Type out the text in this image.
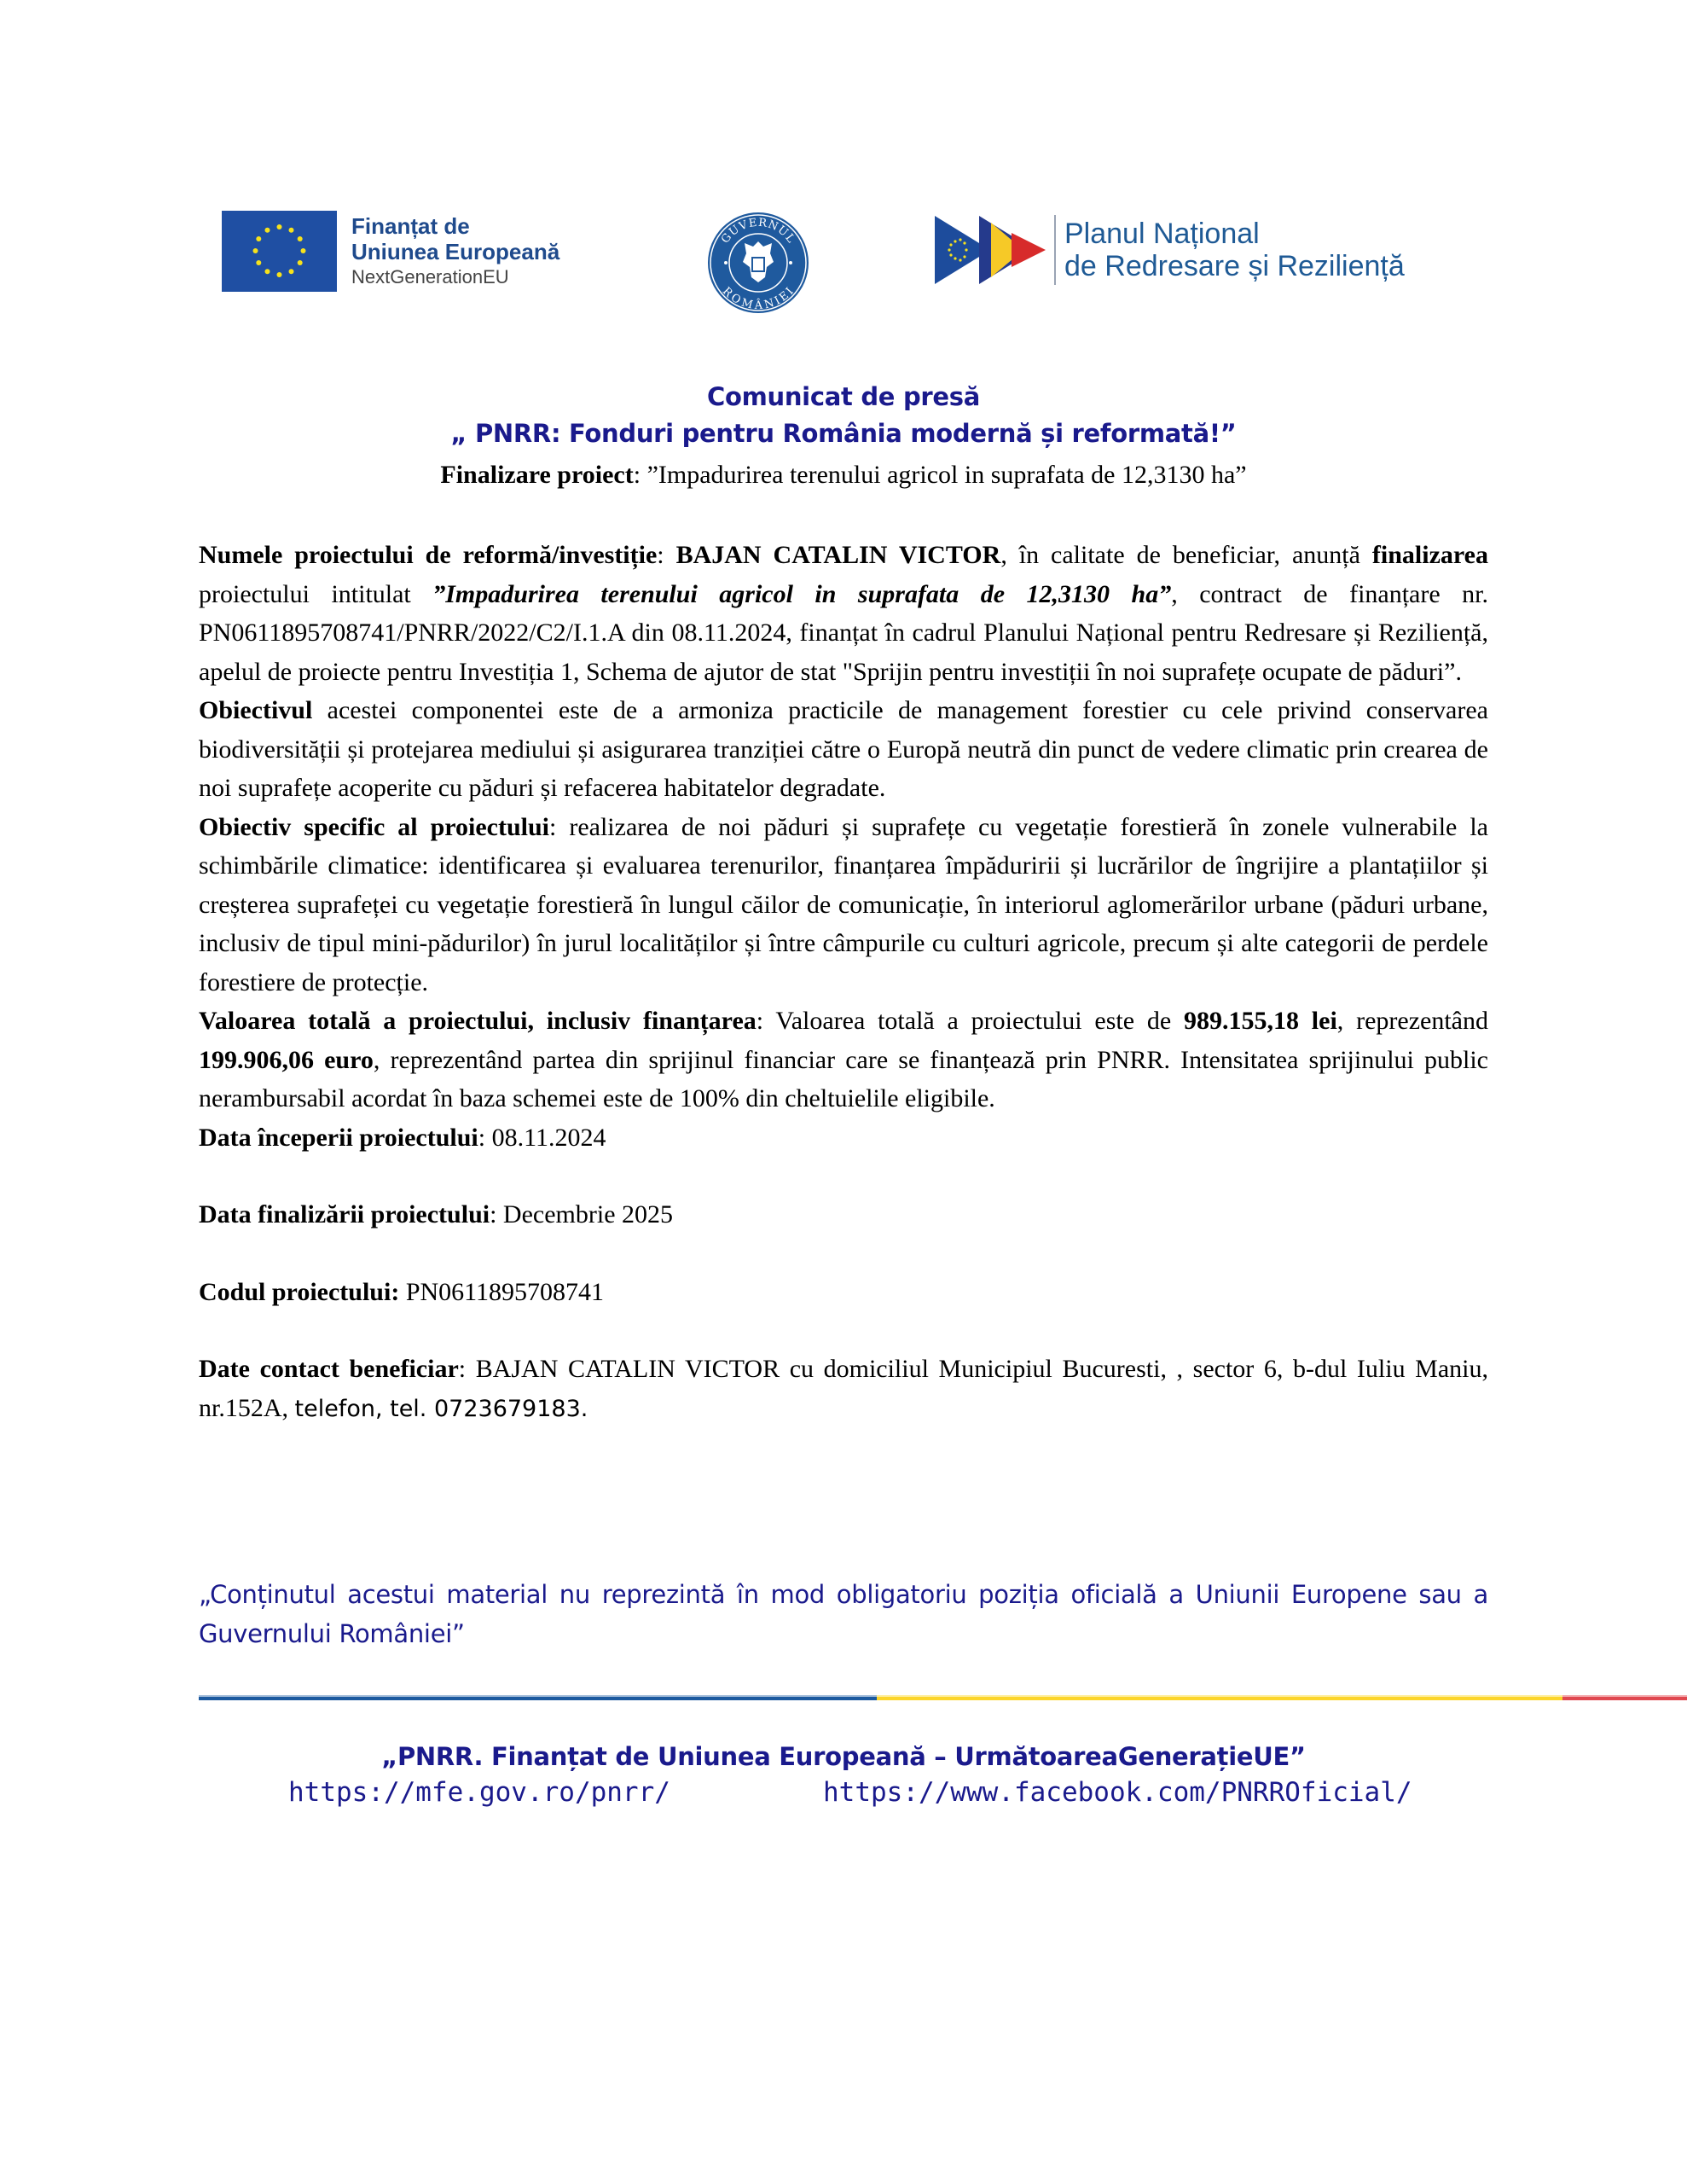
Finanțat de
Uniunea Europeană
NextGenerationEU
GUVERNUL
ROMÂNIEI
Planul Național
de Redresare și Reziliență
Comunicat de presă
„ PNRR: Fonduri pentru România modernă și reformată!”
Finalizare proiect: ”Impadurirea terenului agricol in suprafata de 12,3130 ha”

Numele proiectului de reformă/investiție: BAJAN CATALIN VICTOR, în calitate de beneficiar, anunță finalizarea proiectului intitulat ”Impadurirea terenului agricol in suprafata de 12,3130 ha”, contract de finanțare nr. PN0611895708741/PNRR/2022/C2/I.1.A din 08.11.2024, finanțat în cadrul Planului Național pentru Redresare și Reziliență, apelul de proiecte pentru Investiția 1, Schema de ajutor de stat "Sprijin pentru investiții în noi suprafețe ocupate de păduri”.

Obiectivul acestei componentei este de a armoniza practicile de management forestier cu cele privind conservarea biodiversității și protejarea mediului și asigurarea tranziției către o Europă neutră din punct de vedere climatic prin crearea de noi suprafețe acoperite cu păduri și refacerea habitatelor degradate.

Obiectiv specific al proiectului: realizarea de noi păduri și suprafețe cu vegetație forestieră în zonele vulnerabile la schimbările climatice: identificarea și evaluarea terenurilor, finanțarea împăduririi și lucrărilor de îngrijire a plantațiilor și creșterea suprafeței cu vegetație forestieră în lungul căilor de comunicație, în interiorul aglomerărilor urbane (păduri urbane, inclusiv de tipul mini-pădurilor) în jurul localităților și între câmpurile cu culturi agricole, precum și alte categorii de perdele forestiere de protecție.

Valoarea totală a proiectului, inclusiv finanțarea: Valoarea totală a proiectului este de 989.155,18 lei, reprezentând 199.906,06 euro, reprezentând partea din sprijinul financiar care se finanțează prin PNRR. Intensitatea sprijinului public nerambursabil acordat în baza schemei este de 100% din cheltuielile eligibile.

Data începerii proiectului: 08.11.2024

Data finalizării proiectului: Decembrie 2025

Codul proiectului: PN0611895708741

Date contact beneficiar: BAJAN CATALIN VICTOR cu domiciliul Municipiul Bucuresti, , sector 6, b-dul Iuliu Maniu, nr.152A, telefon, tel. 0723679183.

„Conținutul acestui material nu reprezintă în mod obligatoriu poziția oficială a Uniunii Europene sau a Guvernului României”
„PNRR. Finanțat de Uniunea Europeană – UrmătoareaGenerațieUE”
https://mfe.gov.ro/pnrr/	https://www.facebook.com/PNRROficial/
